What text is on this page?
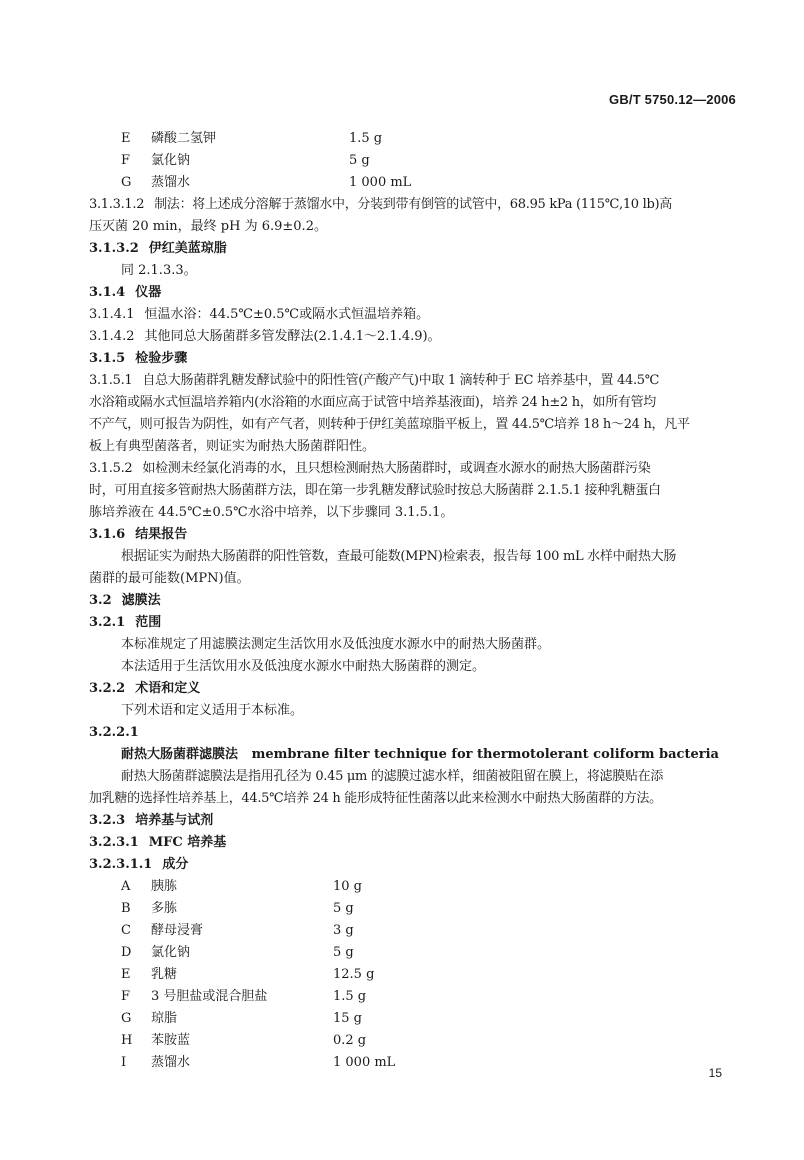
GB/T 5750.12—2006
E	磷酸二氢钾	1.5 g
F	氯化钠	5 g
G	蒸馏水	1 000 mL
3.1.3.1.2 制法：将上述成分溶解于蒸馏水中，分装到带有倒管的试管中，68.95 kPa (115℃,10 lb)高
压灭菌 20 min，最终 pH 为 6.9±0.2。
3.1.3.2 伊红美蓝琼脂
同 2.1.3.3。
3.1.4 仪器
3.1.4.1 恒温水浴：44.5℃±0.5℃或隔水式恒温培养箱。
3.1.4.2 其他同总大肠菌群多管发酵法(2.1.4.1～2.1.4.9)。
3.1.5 检验步骤
3.1.5.1 自总大肠菌群乳糖发酵试验中的阳性管(产酸产气)中取 1 滴转种于 EC 培养基中，置 44.5℃
水浴箱或隔水式恒温培养箱内(水浴箱的水面应高于试管中培养基液面)，培养 24 h±2 h，如所有管均
不产气，则可报告为阴性，如有产气者，则转种于伊红美蓝琼脂平板上，置 44.5℃培养 18 h～24 h，凡平
板上有典型菌落者，则证实为耐热大肠菌群阳性。
3.1.5.2 如检测未经氯化消毒的水，且只想检测耐热大肠菌群时，或调查水源水的耐热大肠菌群污染
时，可用直接多管耐热大肠菌群方法，即在第一步乳糖发酵试验时按总大肠菌群 2.1.5.1 接种乳糖蛋白
胨培养液在 44.5℃±0.5℃水浴中培养，以下步骤同 3.1.5.1。
3.1.6 结果报告
根据证实为耐热大肠菌群的阳性管数，查最可能数(MPN)检索表，报告每 100 mL 水样中耐热大肠
菌群的最可能数(MPN)值。
3.2 滤膜法
3.2.1 范围
本标准规定了用滤膜法测定生活饮用水及低浊度水源水中的耐热大肠菌群。
本法适用于生活饮用水及低浊度水源水中耐热大肠菌群的测定。
3.2.2 术语和定义
下列术语和定义适用于本标准。
3.2.2.1
耐热大肠菌群滤膜法 membrane filter technique for thermotolerant coliform bacteria
耐热大肠菌群滤膜法是指用孔径为 0.45 μm 的滤膜过滤水样，细菌被阻留在膜上，将滤膜贴在添
加乳糖的选择性培养基上，44.5℃培养 24 h 能形成特征性菌落以此来检测水中耐热大肠菌群的方法。
3.2.3 培养基与试剂
3.2.3.1 MFC 培养基
3.2.3.1.1 成分
A	胰胨	10 g
B	多胨	5 g
C	酵母浸膏	3 g
D	氯化钠	5 g
E	乳糖	12.5 g
F	3 号胆盐或混合胆盐	1.5 g
G	琼脂	15 g
H	苯胺蓝	0.2 g
I	蒸馏水	1 000 mL
15
